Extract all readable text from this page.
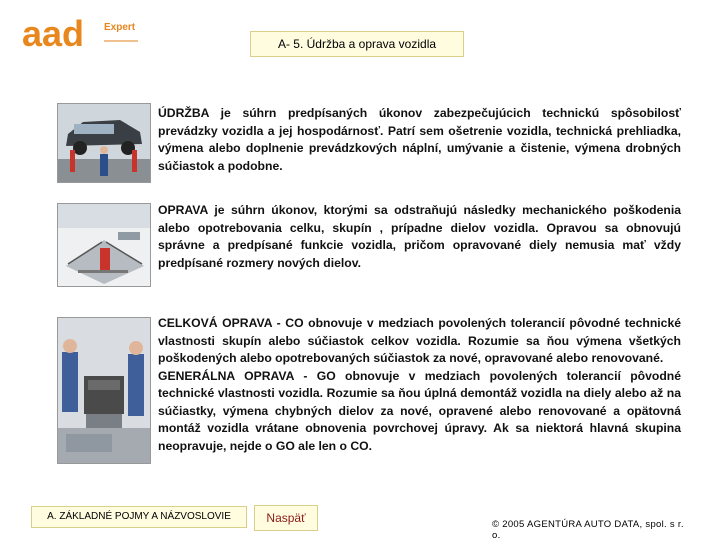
aad Expert
A- 5. Údržba a oprava vozidla
ÚDRŽBA je súhrn predpísaných úkonov zabezpečujúcich technickú spôsobilosť prevádzky vozidla a jej hospodárnosť. Patrí sem ošetrenie vozidla, technická prehliadka, výmena alebo doplnenie prevádzkových náplní, umývanie a čistenie, výmena drobných súčiastok a podobne.
OPRAVA je súhrn úkonov, ktorými sa odstraňujú následky mechanického poškodenia alebo opotrebovania celku, skupín , prípadne dielov vozidla. Opravou sa obnovujú správne a predpísané funkcie vozidla, pričom opravované diely nemusia mať vždy predpísané rozmery nových dielov.
CELKOVÁ OPRAVA - CO obnovuje v medziach povolených tolerancií pôvodné technické vlastnosti skupín alebo súčiastok celkov vozidla. Rozumie sa ňou výmena všetkých poškodených alebo opotrebovaných súčiastok za nové, opravované alebo renovované.
GENERÁLNA OPRAVA - GO obnovuje v medziach povolených tolerancií pôvodné technické vlastnosti vozidla. Rozumie sa ňou úplná demontáž vozidla na diely alebo až na súčiastky, výmena chybných dielov za nové, opravené alebo renovované a opätovná montáž vozidla vrátane obnovenia povrchovej úpravy. Ak sa niektorá hlavná skupina neopravuje, nejde o GO ale len o CO.
A. ZÁKLADNÉ POJMY A NÁZVOSLOVIE	Naspäť	© 2005 AGENTÚRA AUTO DATA, spol. s r. o.
